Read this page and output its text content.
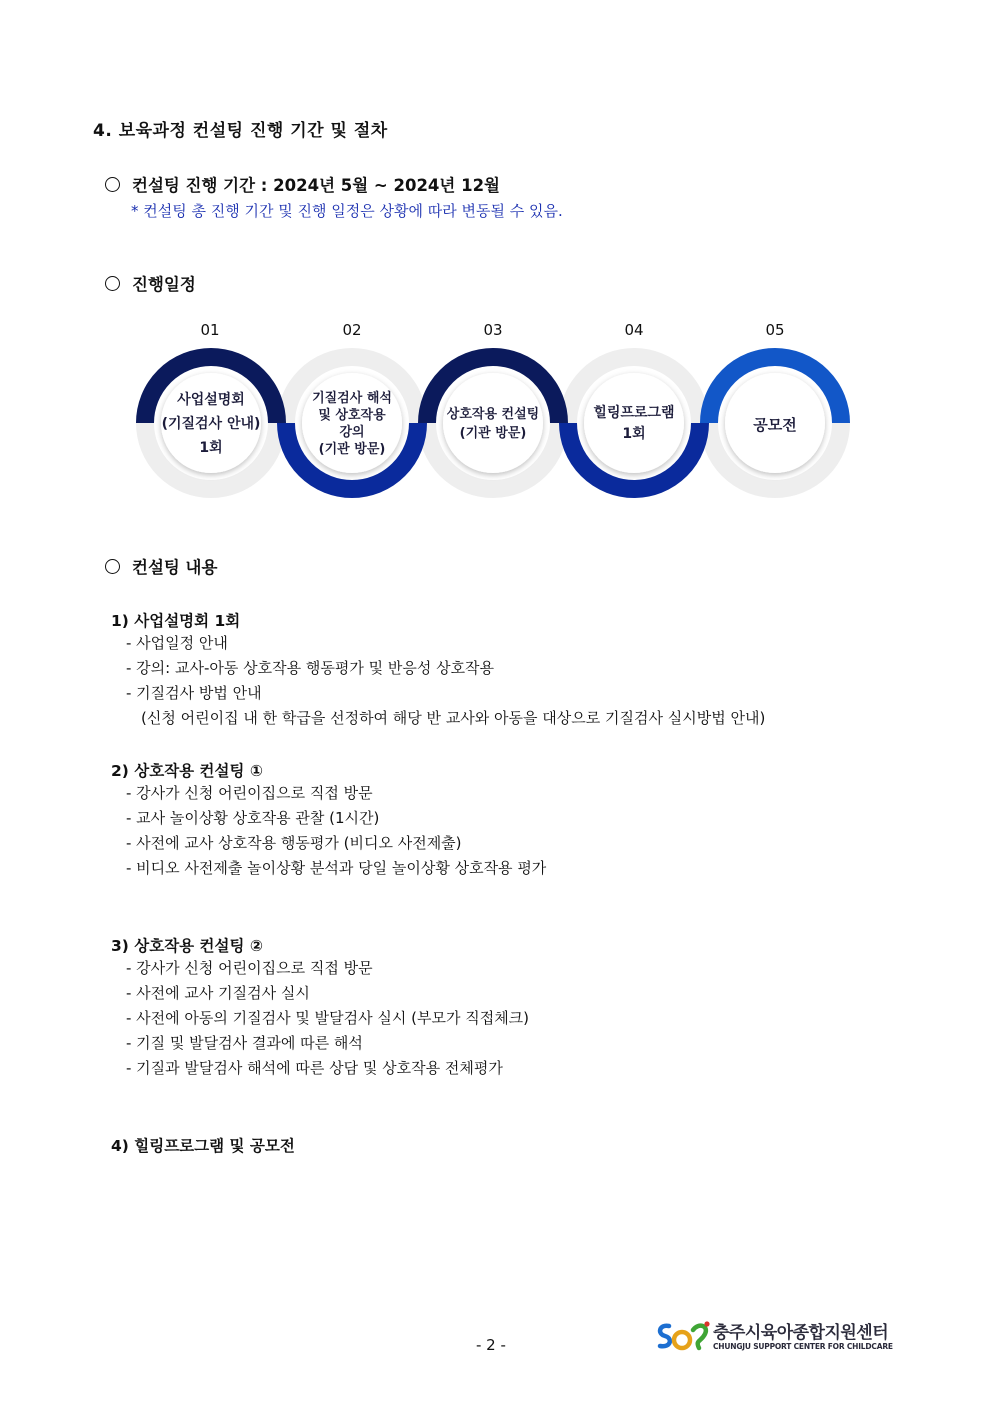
4. 보육과정 컨설팅 진행 기간 및 절차
컨설팅 진행 기간 : 2024년 5월 ~ 2024년 12월
* 컨설팅 총 진행 기간 및 진행 일정은 상황에 따라 변동될 수 있음.
진행일정
01	02	03	04	05
사업설명회
(기질검사 안내)
1회
기질검사 해석
및 상호작용
강의
(기관 방문)
상호작용 컨설팅
(기관 방문)
힐링프로그램
1회
공모전
컨설팅 내용
1) 사업설명회 1회
- 사업일정 안내
- 강의: 교사-아동 상호작용 행동평가 및 반응성 상호작용
- 기질검사 방법 안내
(신청 어린이집 내 한 학급을 선정하여 해당 반 교사와 아동을 대상으로 기질검사 실시방법 안내)
2) 상호작용 컨설팅 ①
- 강사가 신청 어린이집으로 직접 방문
- 교사 놀이상황 상호작용 관찰 (1시간)
- 사전에 교사 상호작용 행동평가 (비디오 사전제출)
- 비디오 사전제출 놀이상황 분석과 당일 놀이상황 상호작용 평가
3) 상호작용 컨설팅 ②
- 강사가 신청 어린이집으로 직접 방문
- 사전에 교사 기질검사 실시
- 사전에 아동의 기질검사 및 발달검사 실시 (부모가 직접체크)
- 기질 및 발달검사 결과에 따른 해석
- 기질과 발달검사 해석에 따른 상담 및 상호작용 전체평가
4) 힐링프로그램 및 공모전
- 2 -
충주시육아종합지원센터
CHUNGJU SUPPORT CENTER FOR CHILDCARE
